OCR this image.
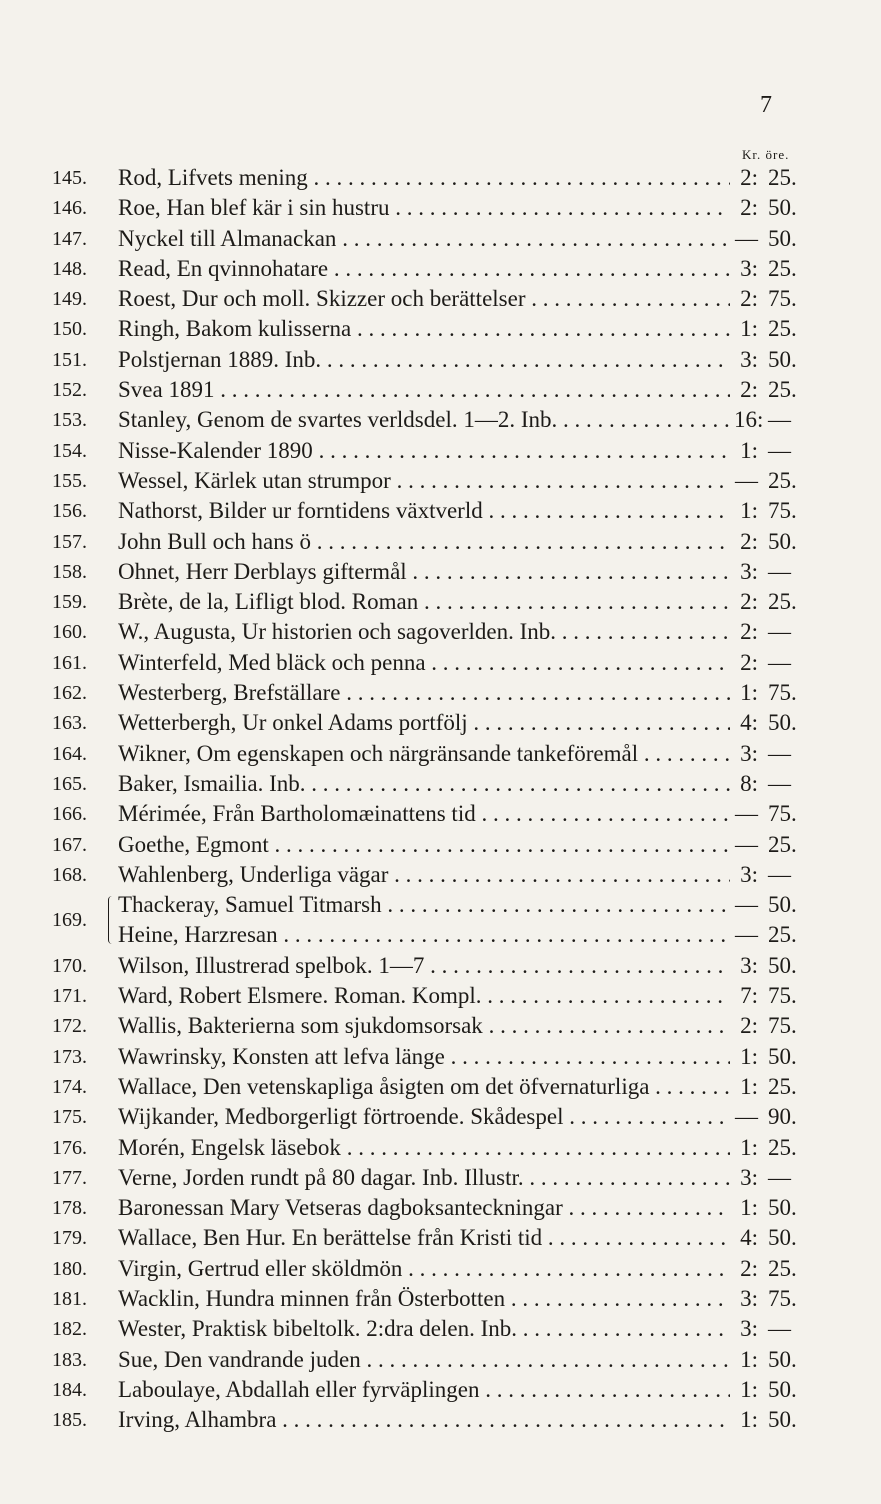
7
Kr. öre.
145. Rod, Lifvets mening . . .	2: 25.
146. Roe, Han blef kär i sin hustru . . .	2: 50.
147. Nyckel till Almanackan . . .	— 50.
148. Read, En qvinnohatare . . .	3: 25.
149. Roest, Dur och moll. Skizzer och berättelser . . .	2: 75.
150. Ringh, Bakom kulisserna . . .	1: 25.
151. Polstjernan 1889. Inb. . . .	3: 50.
152. Svea 1891 . . .	2: 25.
153. Stanley, Genom de svartes verldsdel. 1—2. Inb. . . .	16: —
154. Nisse-Kalender 1890 . . .	1: —
155. Wessel, Kärlek utan strumpor . . .	— 25.
156. Nathorst, Bilder ur forntidens växtverld . . .	1: 75.
157. John Bull och hans ö . . .	2: 50.
158. Ohnet, Herr Derblays giftermål . . .	3: —
159. Brète, de la, Lifligt blod. Roman . . .	2: 25.
160. W., Augusta, Ur historien och sagoverlden. Inb. . . .	2: —
161. Winterfeld, Med bläck och penna . . .	2: —
162. Westerberg, Brefställare . . .	1: 75.
163. Wetterbergh, Ur onkel Adams portfölj . . .	4: 50.
164. Wikner, Om egenskapen och närgränsande tankeföremål . . .	3: —
165. Baker, Ismailia. Inb. . . .	8: —
166. Mérimée, Från Bartholomæinattens tid . . .	— 75.
167. Goethe, Egmont . . .	— 25.
168. Wahlenberg, Underliga vägar . . .	3: —
169.
Thackeray, Samuel Titmarsh . . .	— 50.
Heine, Harzresan . . .	— 25.
170. Wilson, Illustrerad spelbok. 1—7 . . .	3: 50.
171. Ward, Robert Elsmere. Roman. Kompl. . . .	7: 75.
172. Wallis, Bakterierna som sjukdomsorsak . . .	2: 75.
173. Wawrinsky, Konsten att lefva länge . . .	1: 50.
174. Wallace, Den vetenskapliga åsigten om det öfvernaturliga . . .	1: 25.
175. Wijkander, Medborgerligt förtroende. Skådespel . . .	— 90.
176. Morén, Engelsk läsebok . . .	1: 25.
177. Verne, Jorden rundt på 80 dagar. Inb. Illustr. . . .	3: —
178. Baronessan Mary Vetseras dagboksanteckningar . . .	1: 50.
179. Wallace, Ben Hur. En berättelse från Kristi tid . . .	4: 50.
180. Virgin, Gertrud eller sköldmön . . .	2: 25.
181. Wacklin, Hundra minnen från Österbotten . . .	3: 75.
182. Wester, Praktisk bibeltolk. 2:dra delen. Inb. . . .	3: —
183. Sue, Den vandrande juden . . .	1: 50.
184. Laboulaye, Abdallah eller fyrväplingen . . .	1: 50.
185. Irving, Alhambra . . .	1: 50.
